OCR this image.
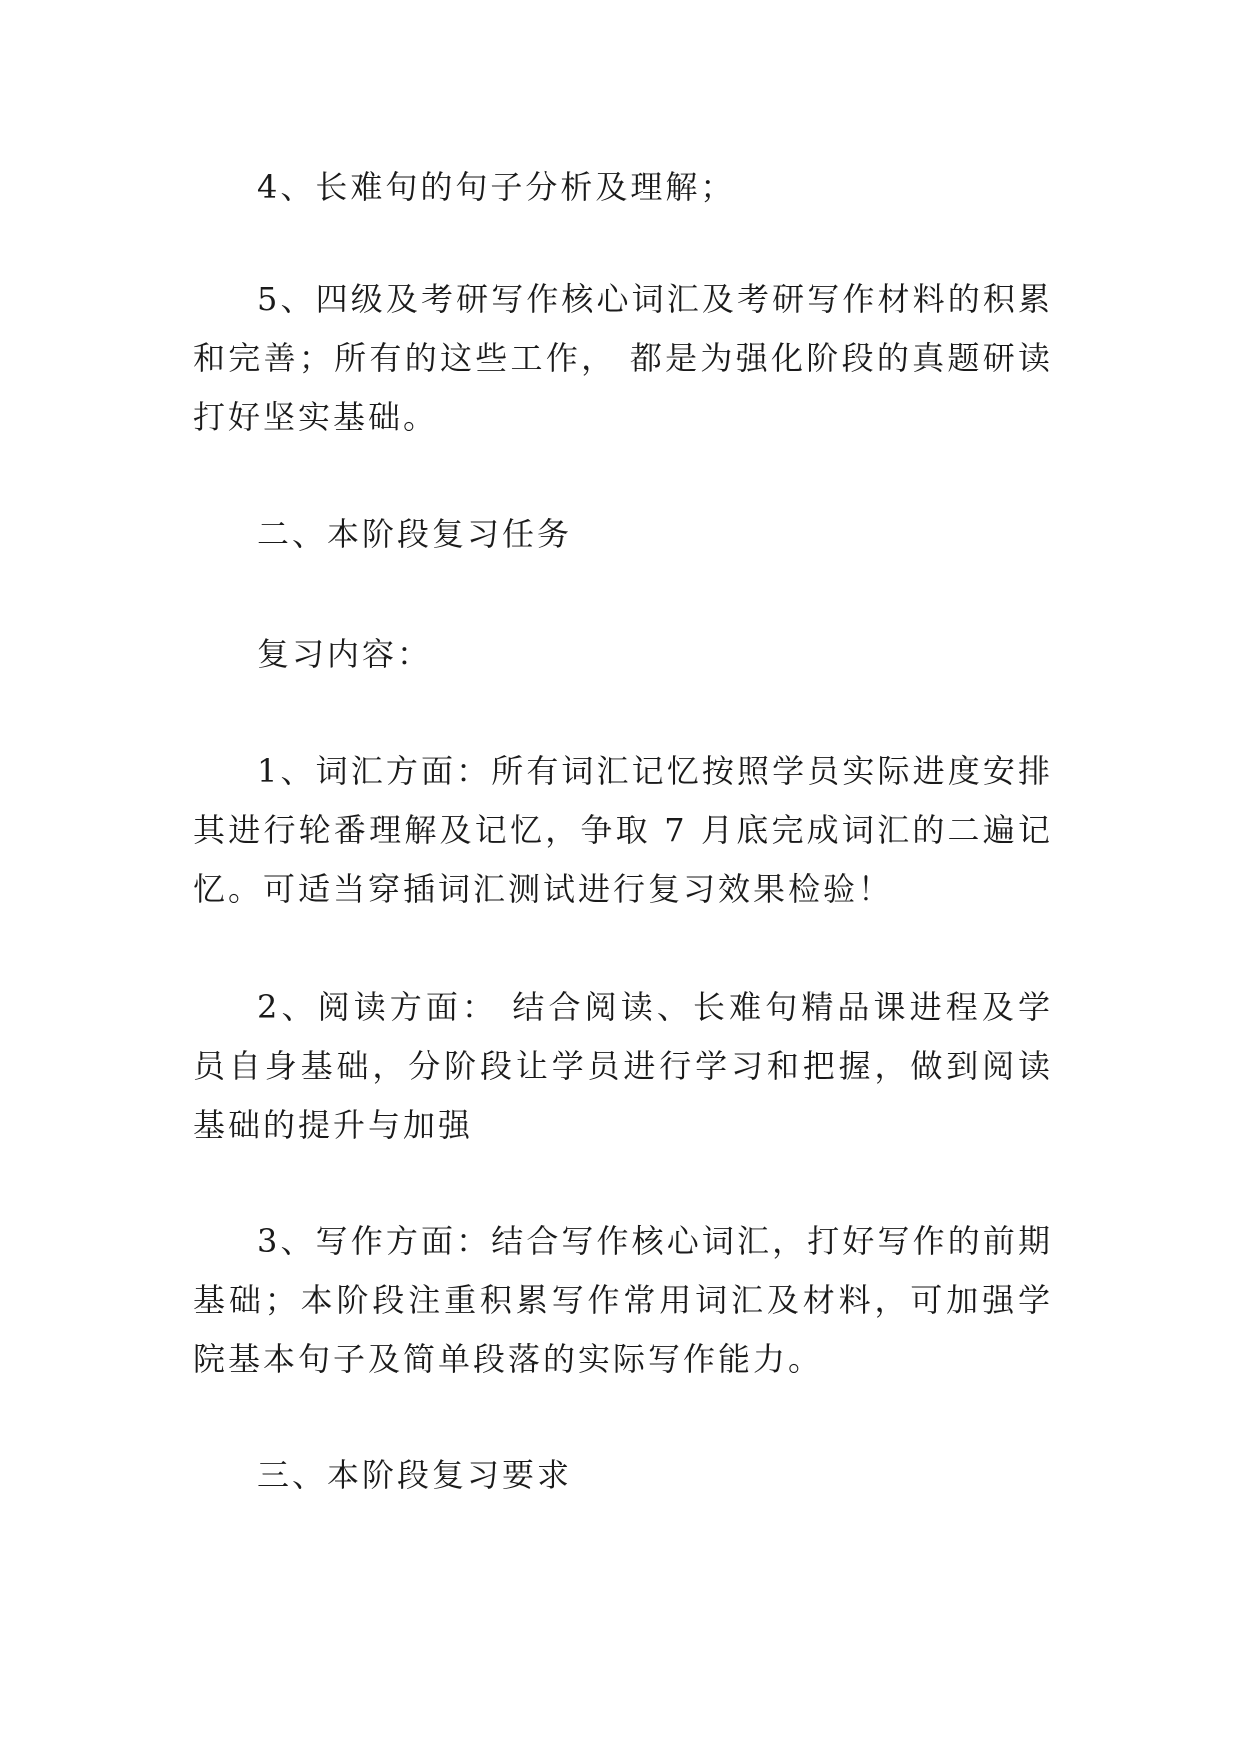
4、长难句的句子分析及理解；

5、四级及考研写作核心词汇及考研写作材料的积累和完善；所有的这些工作， 都是为强化阶段的真题研读打好坚实基础。

二、本阶段复习任务

复习内容：

1、词汇方面：所有词汇记忆按照学员实际进度安排其进行轮番理解及记忆，争取 7 月底完成词汇的二遍记忆。可适当穿插词汇测试进行复习效果检验！

2、阅读方面： 结合阅读、长难句精品课进程及学员自身基础，分阶段让学员进行学习和把握，做到阅读基础的提升与加强

3、写作方面：结合写作核心词汇，打好写作的前期基础；本阶段注重积累写作常用词汇及材料，可加强学院基本句子及简单段落的实际写作能力。

三、本阶段复习要求
